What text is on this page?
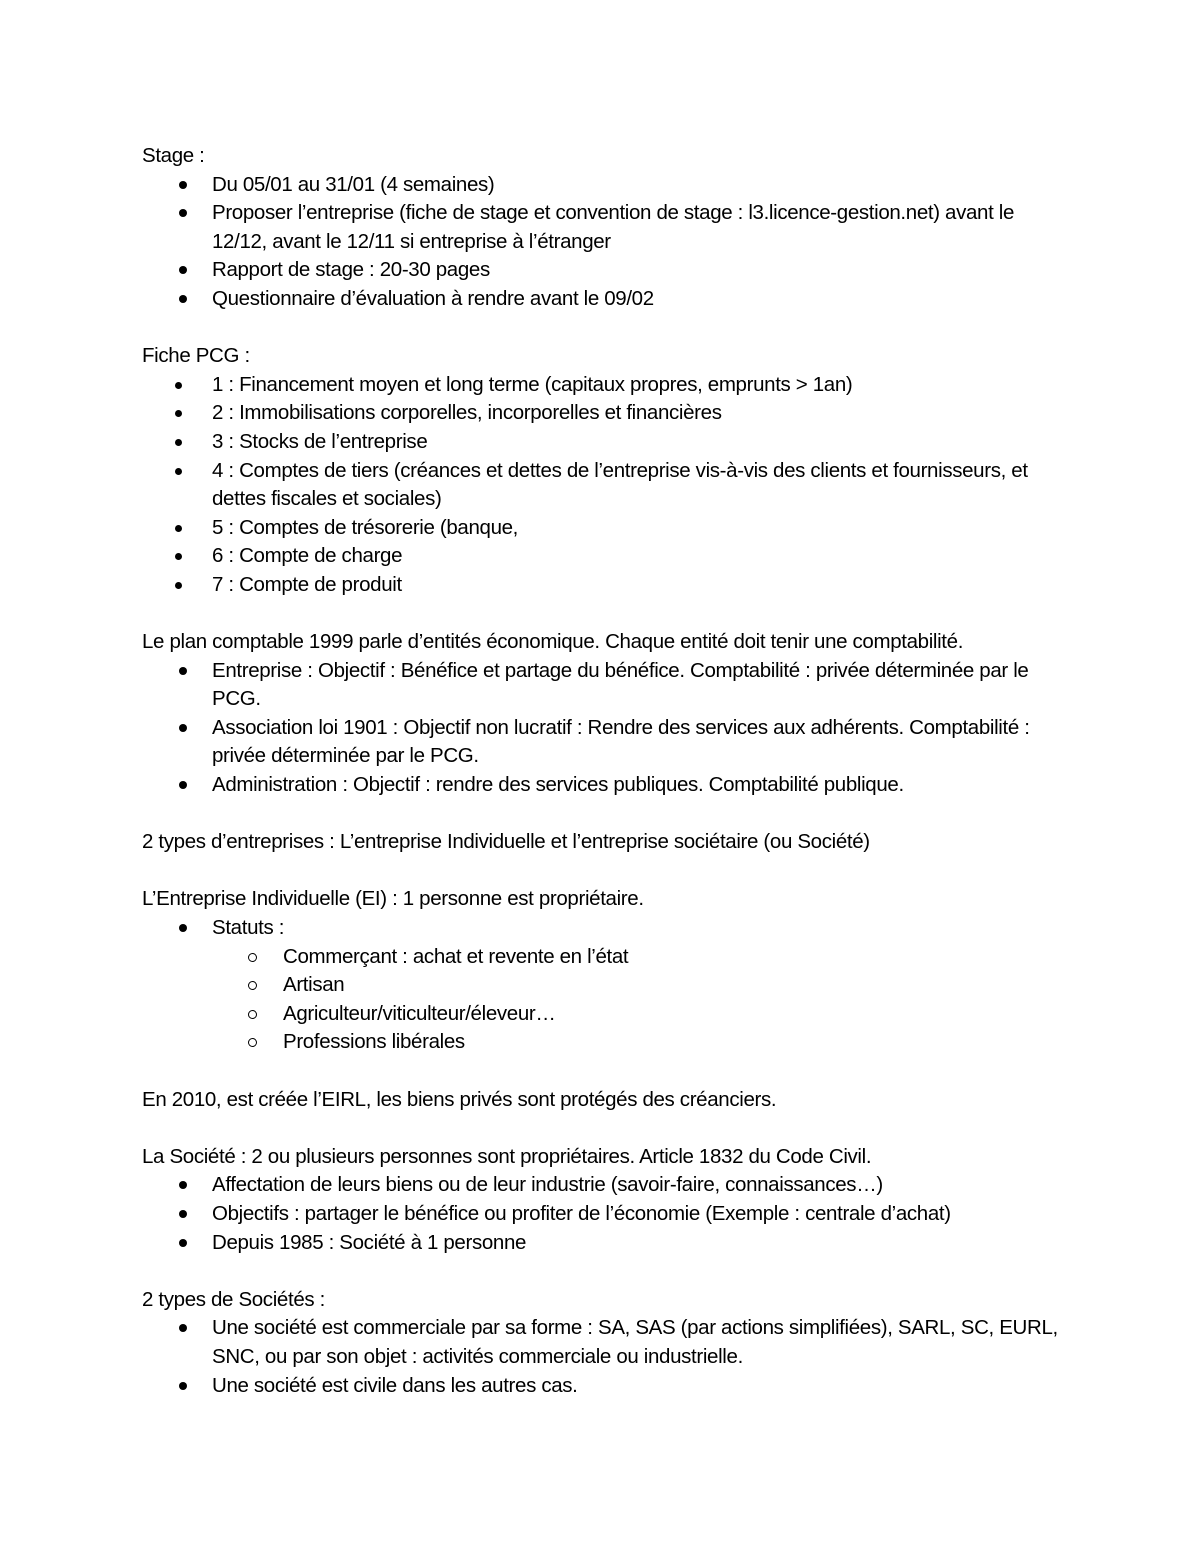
Stage :

Du 05/01 au 31/01 (4 semaines)
Proposer l’entreprise (fiche de stage et convention de stage : l3.licence-gestion.net) avant le 12/12, avant le 12/11 si entreprise à l’étranger
Rapport de stage : 20-30 pages
Questionnaire d’évaluation à rendre avant le 09/02

Fiche PCG :

1 : Financement moyen et long terme (capitaux propres, emprunts > 1an)
2 : Immobilisations corporelles, incorporelles et financières
3 : Stocks de l’entreprise
4 : Comptes de tiers (créances et dettes de l’entreprise vis-à-vis des clients et fournisseurs, et dettes fiscales et sociales)
5 : Comptes de trésorerie (banque,
6 : Compte de charge
7 : Compte de produit

Le plan comptable 1999 parle d’entités économique. Chaque entité doit tenir une comptabilité.

Entreprise : Objectif : Bénéfice et partage du bénéfice. Comptabilité : privée déterminée par le PCG.
Association loi 1901 : Objectif non lucratif : Rendre des services aux adhérents. Comptabilité : privée déterminée par le PCG.
Administration : Objectif : rendre des services publiques. Comptabilité publique.

2 types d’entreprises : L’entreprise Individuelle et l’entreprise sociétaire (ou Société)

L’Entreprise Individuelle (EI) : 1 personne est propriétaire.

Statuts :
Commerçant : achat et revente en l’état
Artisan
Agriculteur/viticulteur/éleveur…
Professions libérales

En 2010, est créée l’EIRL, les biens privés sont protégés des créanciers.

La Société : 2 ou plusieurs personnes sont propriétaires. Article 1832 du Code Civil.

Affectation de leurs biens ou de leur industrie (savoir-faire, connaissances…)
Objectifs : partager le bénéfice ou profiter de l’économie (Exemple : centrale d’achat)
Depuis 1985 : Société à 1 personne

2 types de Sociétés :

Une société est commerciale par sa forme : SA, SAS (par actions simplifiées), SARL, SC, EURL, SNC, ou par son objet : activités commerciale ou industrielle.
Une société est civile dans les autres cas.
